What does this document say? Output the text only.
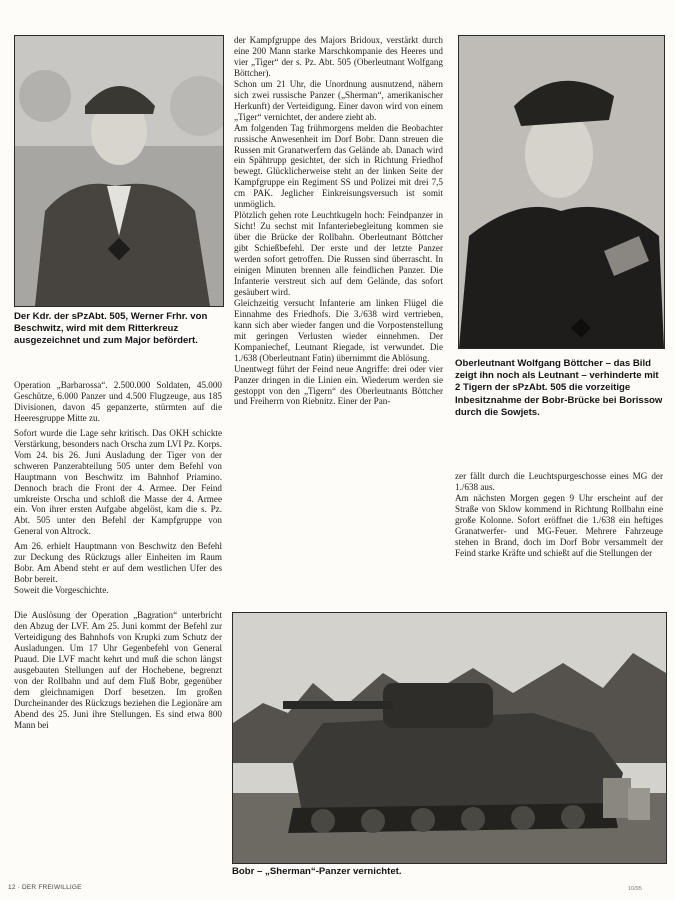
Der Kdr. der sPzAbt. 505, Werner Frhr. von Beschwitz, wird mit dem Ritterkreuz ausgezeichnet und zum Major befördert.

Oberleutnant Wolfgang Böttcher – das Bild zeigt ihn noch als Leutnant – verhinderte mit 2 Tigern der sPzAbt. 505 die vorzeitige Inbesitznahme der Bobr-Brücke bei Borissow durch die Sowjets.

Operation „Barbarossa“. 2.500.000 Soldaten, 45.000 Geschütze, 6.000 Panzer und 4.500 Flugzeuge, aus 185 Divisionen, davon 45 gepanzerte, stürmten auf die Heeresgruppe Mitte zu.

Sofort wurde die Lage sehr kritisch. Das OKH schickte Verstärkung, besonders nach Orscha zum LVI Pz. Korps. Vom 24. bis 26. Juni Ausladung der Tiger von der schweren Panzerabteilung 505 unter dem Befehl von Hauptmann von Beschwitz im Bahnhof Priamino. Dennoch brach die Front der 4. Armee. Der Feind umkreiste Orscha und schloß die Masse der 4. Armee ein. Von ihrer ersten Aufgabe abgelöst, kam die s. Pz. Abt. 505 unter den Befehl der Kampfgruppe von General von Altrock.

Am 26. erhielt Hauptmann von Beschwitz den Befehl zur Deckung des Rückzugs aller Einheiten im Raum Bobr. Am Abend steht er auf dem westlichen Ufer des Bobr bereit.

Soweit die Vorgeschichte.

Die Auslösung der Operation „Bagration“ unterbricht den Abzug der LVF. Am 25. Juni kommt der Befehl zur Verteidigung des Bahnhofs von Krupki zum Schutz der Ausladungen. Um 17 Uhr Gegenbefehl von General Puaud. Die LVF macht kehrt und muß die schon längst ausgebauten Stellungen auf der Hochebene, begrenzt von der Rollbahn und auf dem Fluß Bobr, gegenüber dem gleichnamigen Dorf besetzen. Im großen Durcheinander des Rückzugs beziehen die Legionäre am Abend des 25. Juni ihre Stellungen. Es sind etwa 800 Mann bei

der Kampfgruppe des Majors Bridoux, verstärkt durch eine 200 Mann starke Marschkompanie des Heeres und vier „Tiger“ der s. Pz. Abt. 505 (Oberleutnant Wolfgang Böttcher).

Schon um 21 Uhr, die Unordnung ausnutzend, nähern sich zwei russische Panzer („Sherman“, amerikanischer Herkunft) der Verteidigung. Einer davon wird von einem „Tiger“ vernichtet, der andere zieht ab.

Am folgenden Tag frühmorgens melden die Beobachter russische Anwesenheit im Dorf Bobr. Dann streuen die Russen mit Granatwerfern das Gelände ab. Danach wird ein Spähtrupp gesichtet, der sich in Richtung Friedhof bewegt. Glücklicherweise steht an der linken Seite der Kampfgruppe ein Regiment SS und Polizei mit drei 7,5 cm PAK. Jeglicher Einkreisungsversuch ist somit unmöglich.

Plötzlich gehen rote Leuchtkugeln hoch: Feindpanzer in Sicht! Zu sechst mit Infanteriebegleitung kommen sie über die Brücke der Rollbahn. Oberleutnant Böttcher gibt Schießbefehl. Der erste und der letzte Panzer werden sofort getroffen. Die Russen sind überrascht. In einigen Minuten brennen alle feindlichen Panzer. Die Infanterie verstreut sich auf dem Gelände, das sofort gesäubert wird.

Gleichzeitig versucht Infanterie am linken Flügel die Einnahme des Friedhofs. Die 3./638 wird vertrieben, kann sich aber wieder fangen und die Vorpostenstellung mit geringen Verlusten wieder einnehmen. Der Kompaniechef, Leutnant Riegade, ist verwundet. Die 1./638 (Oberleutnant Fatin) übernimmt die Ablösung.

Unentwegt führt der Feind neue Angriffe: drei oder vier Panzer dringen in die Linien ein. Wiederum werden sie gestoppt von den „Tigern“ des Oberleutnants Böttcher und Freiherrn von Riebnitz. Einer der Pan-

zer fällt durch die Leuchtspurgeschosse eines MG der 1./638 aus.

Am nächsten Morgen gegen 9 Uhr erscheint auf der Straße von Sklow kommend in Richtung Rollbahn eine große Kolonne. Sofort eröffnet die 1./638 ein heftiges Granatwerfer- und MG-Feuer. Mehrere Fahrzeuge stehen in Brand, doch im Dorf Bobr versammelt der Feind starke Kräfte und schießt auf die Stellungen der

Bobr – „Sherman“-Panzer vernichtet.

12 · DER FREIWILLIGE	10/95
